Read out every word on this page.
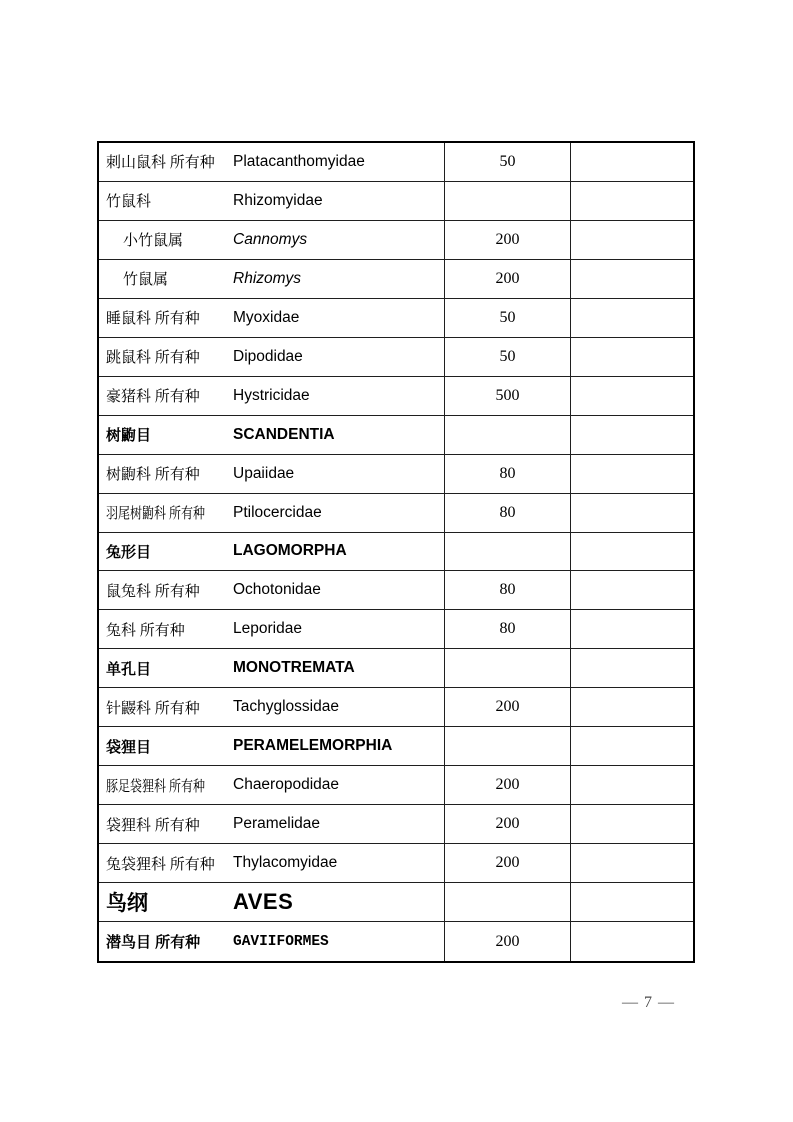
刺山鼠科 所有种	Platacanthomyidae	50
竹鼠科	Rhizomyidae
小竹鼠属	Cannomys	200
竹鼠属	Rhizomys	200
睡鼠科 所有种	Myoxidae	50
跳鼠科 所有种	Dipodidae	50
豪猪科 所有种	Hystricidae	500
树鼩目	SCANDENTIA
树鼩科 所有种	Upaiidae	80
羽尾树鼩科 所有种 Ptilocercidae	80
兔形目	LAGOMORPHA
鼠兔科 所有种	Ochotonidae	80
兔科 所有种	Leporidae	80
单孔目	MONOTREMATA
针鼹科 所有种	Tachyglossidae	200
袋狸目	PERAMELEMORPHIA
豚足袋狸科 所有种 Chaeropodidae	200
袋狸科 所有种	Peramelidae	200
兔袋狸科 所有种	Thylacomyidae	200
鸟纲	AVES
潜鸟目 所有种	GAVIIFORMES	200
— 7 —
